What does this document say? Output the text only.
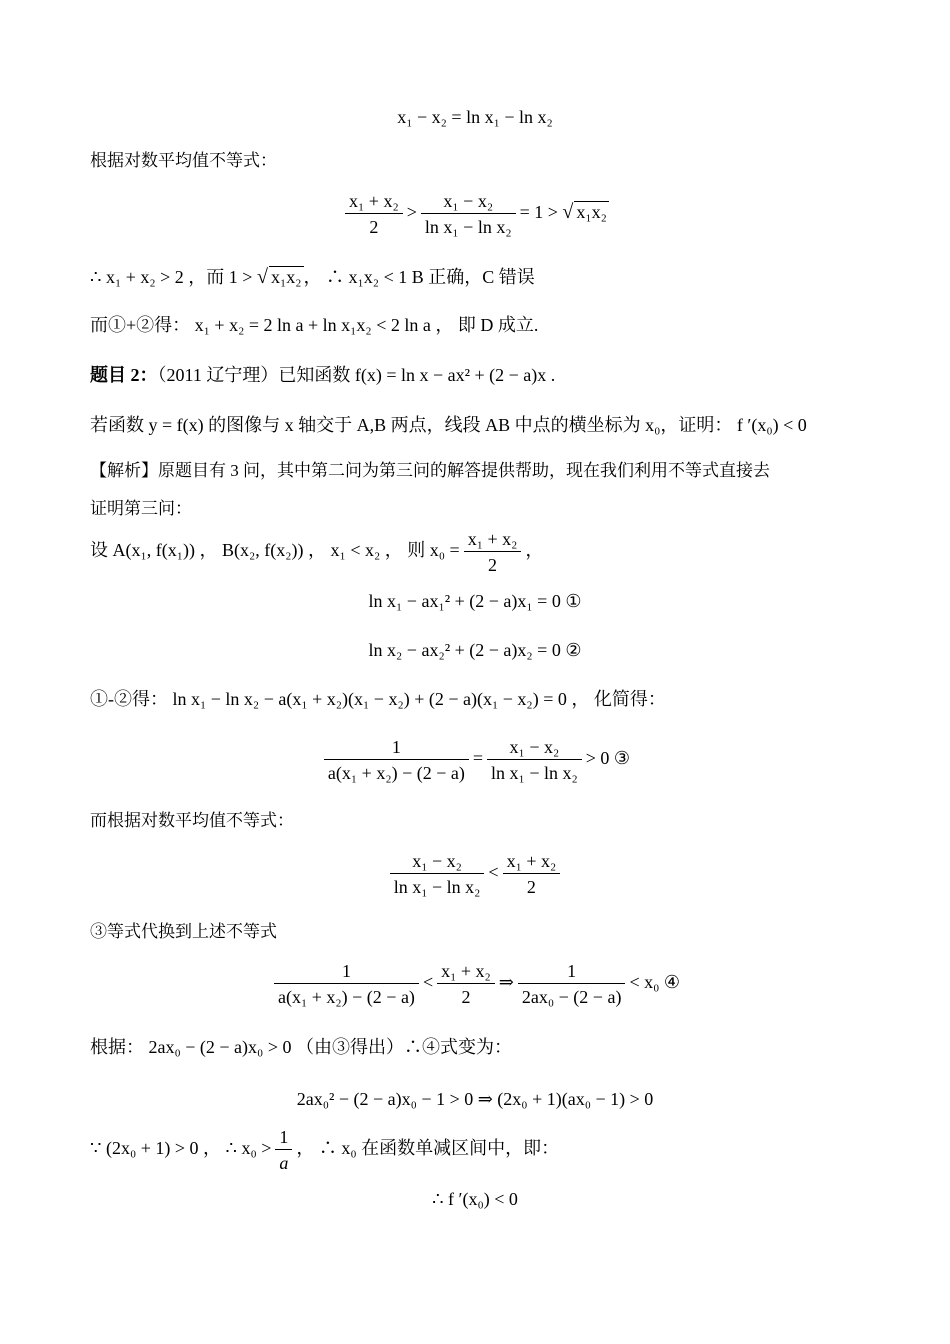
x₁ − x₂ = ln x₁ − ln x₂
根据对数平均值不等式：
$\frac{\text{x₁ + x₂}}{2} > \frac{\text{x₁ − x₂}}{\text{ln x₁ − ln x₂}} = 1$ > √ x₁x₂
∴ x₁ + x₂ > 2 ，而 1 > √ x₁x₂ ， ∴ x₁x₂ < 1 B 正确，C 错误
而①+②得： x₁ + x₂ = 2 ln a + ln x₁x₂ < 2 ln a ， 即 D 成立.
题目 2：（2011 辽宁理）已知函数 f(x) = ln x − ax² + (2 − a)x .
若函数 y = f(x) 的图像与 x 轴交于 A,B 两点，线段 AB 中点的横坐标为 x₀，证明： f ′(x₀) < 0
【解析】原题目有 3 问，其中第二问为第三问的解答提供帮助，现在我们利用不等式直接去
证明第三问：
设 A(x₁, f(x₁)) ， B(x₂, f(x₂)) ， x₁ < x₂ ， 则 $x_0 = \frac{\text{x₁ + x₂}}{2}$ ，
ln x₁ − ax₁² + (2 − a)x₁ = 0 ①
ln x₂ − ax₂² + (2 − a)x₂ = 0 ②
①-②得： ln x₁ − ln x₂ − a(x₁ + x₂)(x₁ − x₂) + (2 − a)(x₁ − x₂) = 0 ， 化简得：
$\frac{1}{\text{a(x₁ + x₂) − (2 − a)}} = \frac{\text{x₁ − x₂}}{\text{ln x₁ − ln x₂}} > 0$ ③
而根据对数平均值不等式：
$\frac{\text{x₁ − x₂}}{\text{ln x₁ − ln x₂}} < \frac{\text{x₁ + x₂}}{2}$
③等式代换到上述不等式
$\frac{1}{\text{a(x₁ + x₂) − (2 − a)}} < \frac{\text{x₁ + x₂}}{2}$ ⇒ $\frac{1}{\text{2ax₀ − (2 − a)}} < x_0$ ④
根据： 2ax₀ − (2 − a)x₀ > 0 （由③得出）∴④式变为：
2ax₀² − (2 − a)x₀ − 1 > 0 ⇒ (2x₀ + 1)(ax₀ − 1) > 0
∵ (2x₀ + 1) > 0 ， ∴ $x_0 > \frac{1}{a}$ ， ∴ x₀ 在函数单减区间中，即：
∴ f ′(x₀) < 0
